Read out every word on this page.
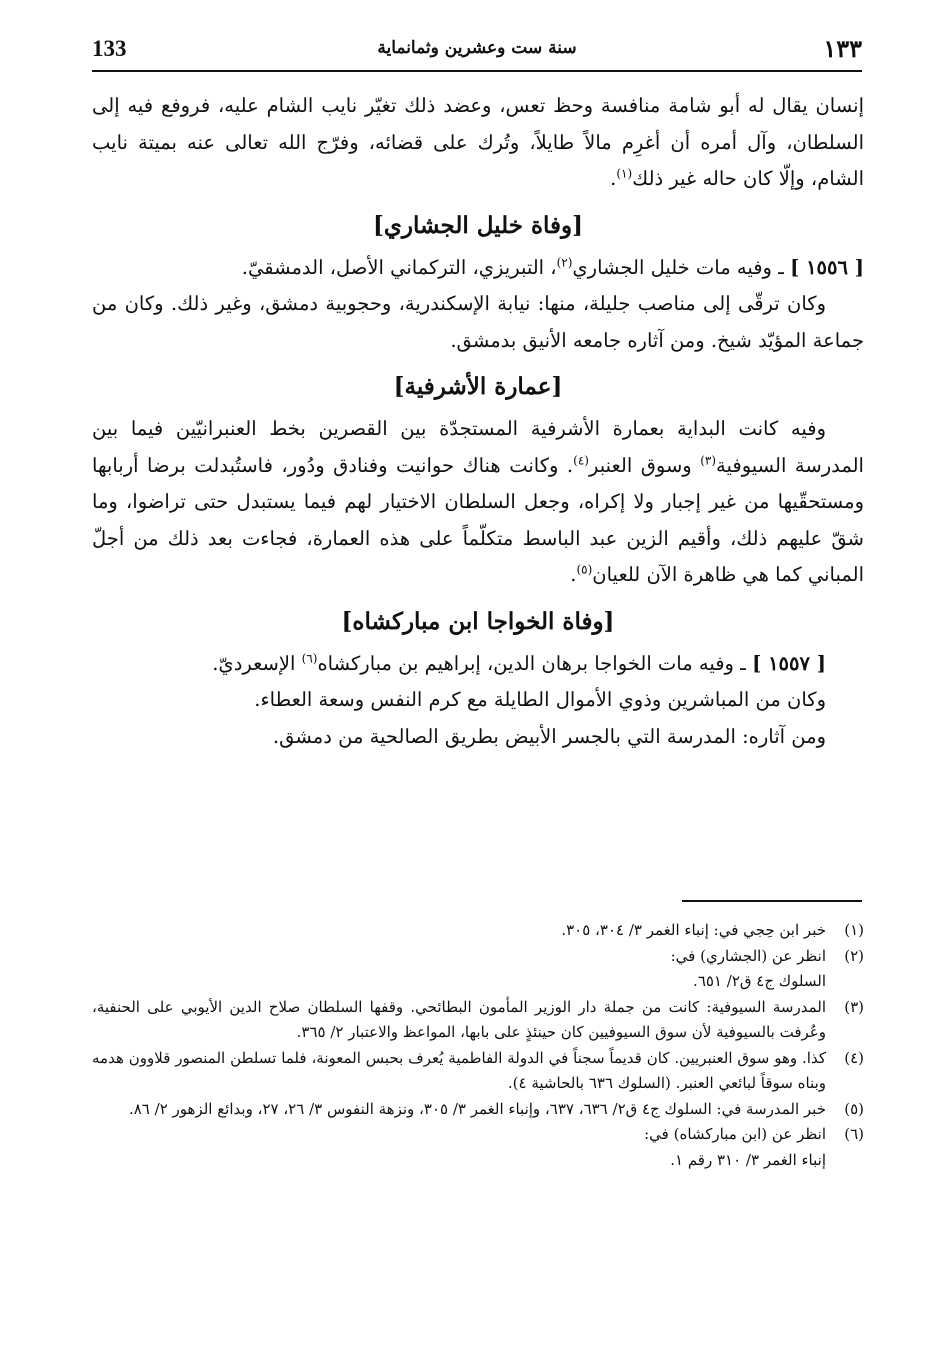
133	سنة ست وعشرين وثمانماية	١٣٣

إنسان يقال له أبو شامة منافسة وحظ تعس، وعضد ذلك تغيّر نايب الشام عليه، فروفع فيه إلى السلطان، وآل أمره أن أغرِم مالاً طايلاً، وتُرك على قضائه، وفرّج الله تعالى عنه بميتة نايب الشام، وإلّا كان حاله غير ذلك$^{(١)}$.

[وفاة خليل الجشاري]

[ ١٥٥٦ ] ـ وفيه مات خليل الجشاري$^{(٢)}$، التبريزي، التركماني الأصل، الدمشقيّ.

وكان ترقّى إلى مناصب جليلة، منها: نيابة الإسكندرية، وحجوبية دمشق، وغير ذلك. وكان من جماعة المؤيّد شيخ. ومن آثاره جامعه الأنيق بدمشق.

[عمارة الأشرفية]

وفيه كانت البداية بعمارة الأشرفية المستجدّة بين القصرين بخط العنبرانيّين فيما بين المدرسة السيوفية$^{(٣)}$ وسوق العنبر$^{(٤)}$. وكانت هناك حوانيت وفنادق ودُور، فاستُبدلت برضا أربابها ومستحقّيها من غير إجبار ولا إكراه، وجعل السلطان الاختيار لهم فيما يستبدل حتى تراضوا، وما شقّ عليهم ذلك، وأقيم الزين عبد الباسط متكلّماً على هذه العمارة، فجاءت بعد ذلك من أجلّ المباني كما هي ظاهرة الآن للعيان$^{(٥)}$.

[وفاة الخواجا ابن مباركشاه]

[ ١٥٥٧ ] ـ وفيه مات الخواجا برهان الدين، إبراهيم بن مباركشاه$^{(٦)}$ الإسعرديّ.

وكان من المباشرين وذوي الأموال الطايلة مع كرم النفس وسعة العطاء.

ومن آثاره: المدرسة التي بالجسر الأبيض بطريق الصالحية من دمشق.

(١)
خبر ابن حِجي في: إنباء الغمر ٣/ ٣٠٤، ٣٠٥.
(٢)
انظر عن (الجشاري) في:
السلوك ج٤ ق٢/ ٦٥١.
(٣)
المدرسة السيوفية: كانت من جملة دار الوزير المأمون البطائحي. وقفها السلطان صلاح الدين الأيوبي على الحنفية، وعُرفت بالسيوفية لأن سوق السيوفيين كان حينئذٍ على بابها، المواعظ والاعتبار ٢/ ٣٦٥.
(٤)
كذا. وهو سوق العنبريين. كان قديماً سجناً في الدولة الفاطمية يُعرف بحبس المعونة، فلما تسلطن المنصور قلاوون هدمه وبناه سوقاً لبائعي العنبر. (السلوك ٦٣٦ بالحاشية ٤).
(٥)
خبر المدرسة في: السلوك ج٤ ق٢/ ٦٣٦، ٦٣٧، وإنباء الغمر ٣/ ٣٠٥، ونزهة النفوس ٣/ ٢٦، ٢٧، وبدائع الزهور ٢/ ٨٦.
(٦)
انظر عن (ابن مباركشاه) في:
إنباء الغمر ٣/ ٣١٠ رقم ١.
